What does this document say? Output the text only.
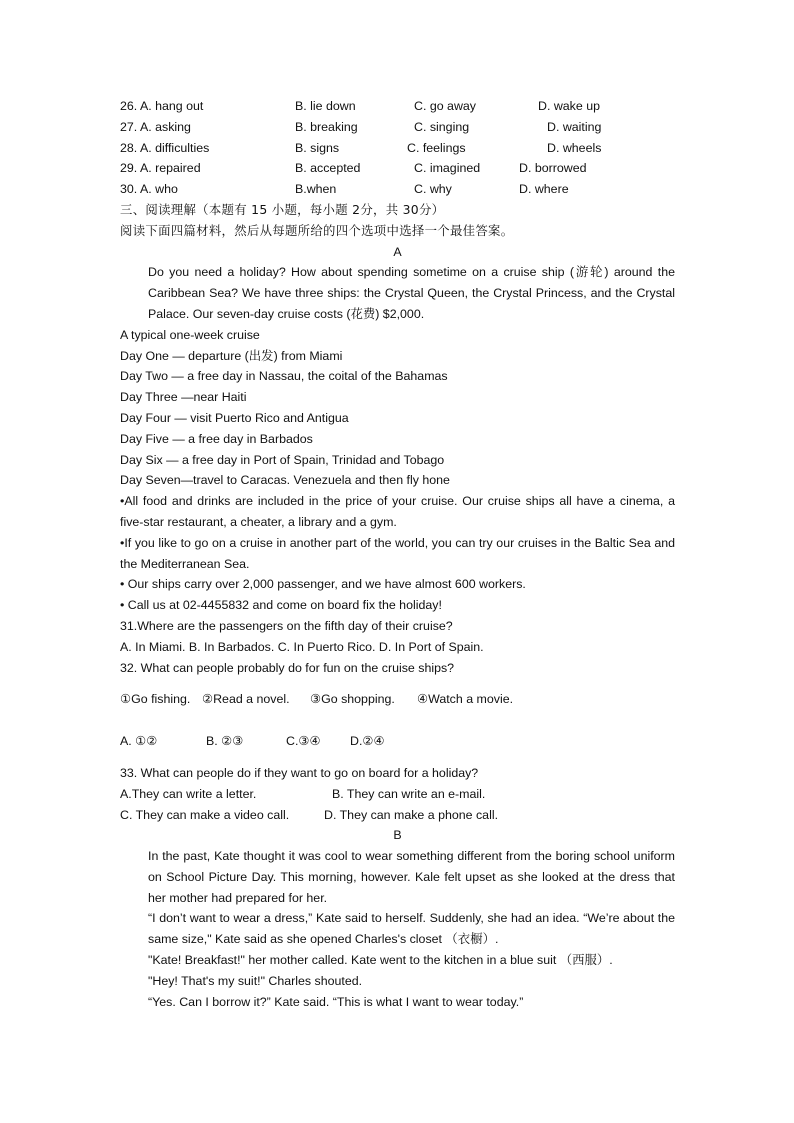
26. A. hang out	B. lie down	C. go away	D. wake up
27. A. asking	B. breaking	C. singing	D. waiting
28. A. difficulties	B. signs	C. feelings	D. wheels
29. A. repaired	B. accepted	C. imagined	D. borrowed
30. A. who	B.when	C. why	D. where
三、阅读理解（本题有 15 小题，每小题 2分，共 30分）
阅读下面四篇材料，然后从每题所给的四个选项中选择一个最佳答案。
A

Do you need a holiday? How about spending sometime on a cruise ship (游轮) around the Caribbean Sea? We have three ships: the Crystal Queen, the Crystal Princess, and the Crystal Palace. Our seven-day cruise costs (花费) $2,000.

A typical one-week cruise
Day One — departure (出发) from Miami
Day Two — a free day in Nassau, the coital of the Bahamas
Day Three —near Haiti
Day Four — visit Puerto Rico and Antigua
Day Five — a free day in Barbados
Day Six — a free day in Port of Spain, Trinidad and Tobago
Day Seven—travel to Caracas. Venezuela and then fly hone

•All food and drinks are included in the price of your cruise. Our cruise ships all have a cinema, a five-star restaurant, a cheater, a library and a gym.

•If you like to go on a cruise in another part of the world, you can try our cruises in the Baltic Sea and the Mediterranean Sea.

• Our ships carry over 2,000 passenger, and we have almost 600 workers.

• Call us at 02-4455832 and come on board fix the holiday!

31.Where are the passengers on the fifth day of their cruise?
A. In Miami. B. In Barbados. C. In Puerto Rico. D. In Port of Spain.
32. What can people probably do for fun on the cruise ships?
①Go fishing. ②Read a novel. ③Go shopping. ④Watch a movie.
A. ①②	B. ②③	C.③④ D.②④
33. What can people do if they want to go on board for a holiday?
A.They can write a letter.	B. They can write an e-mail.
C. They can make a video call.	D. They can make a phone call.
B

In the past, Kate thought it was cool to wear something different from the boring school uniform on School Picture Day. This morning, however. Kale felt upset as she looked at the dress that her mother had prepared for her.

“I don’t want to wear a dress,” Kate said to herself. Suddenly, she had an idea. “We’re about the same size," Kate said as she opened Charles's closet （衣橱）.

"Kate! Breakfast!" her mother called. Kate went to the kitchen in a blue suit （西服）.

"Hey! That's my suit!" Charles shouted.

“Yes. Can I borrow it?” Kate said. “This is what I want to wear today.”
